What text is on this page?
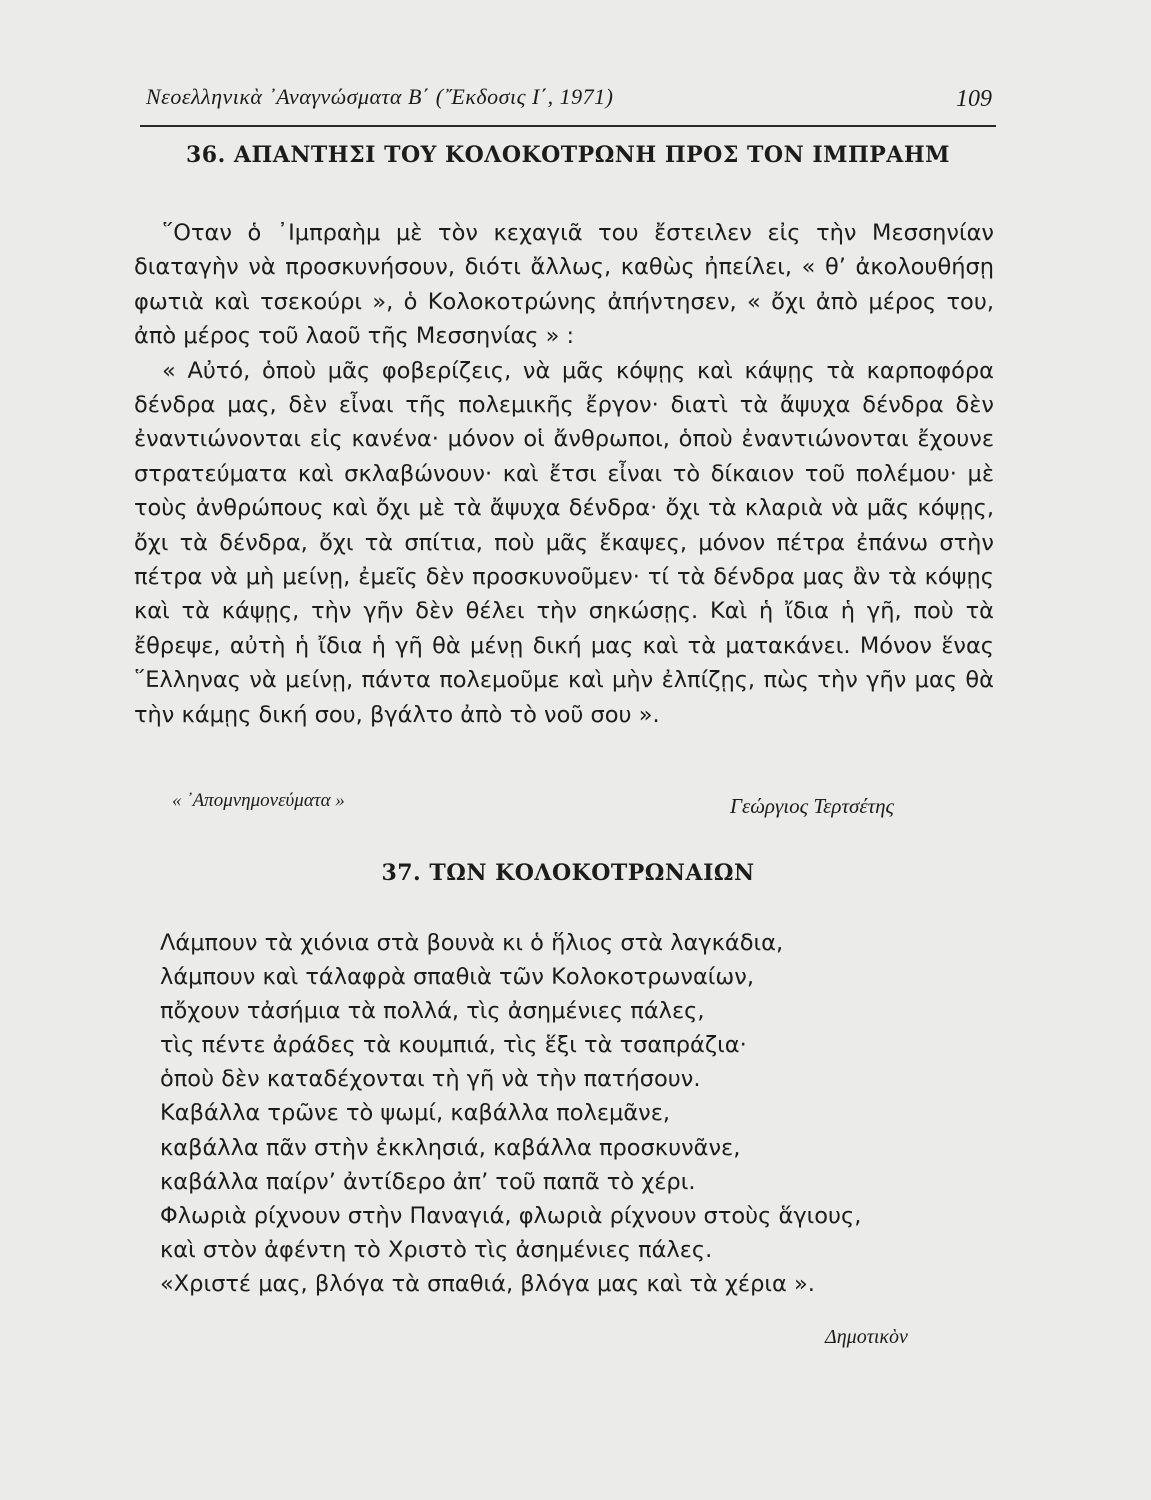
Νεοελληνικὰ ᾿Αναγνώσματα Β΄ (῎Εκδοσις Ι΄, 1971)	109
36. ΑΠΑΝΤΗΣΙ ΤΟΥ ΚΟΛΟΚΟΤΡΩΝΗ ΠΡΟΣ ΤΟΝ ΙΜΠΡΑΗΜ

῞Οταν ὁ ᾿Ιμπραὴμ μὲ τὸν κεχαγιᾶ του ἔστειλεν εἰς τὴν Μεσσηνίαν διαταγὴν νὰ προσκυνήσουν, διότι ἄλλως, καθὼς ἠπείλει, « θ’ ἀκολουθήσῃ φωτιὰ καὶ τσεκούρι », ὁ Κολοκοτρώνης ἀπήντησεν, « ὄχι ἀπὸ μέρος του, ἀπὸ μέρος τοῦ λαοῦ τῆς Μεσσηνίας » :

« Αὐτό, ὁποὺ μᾶς φοβερίζεις, νὰ μᾶς κόψῃς καὶ κάψῃς τὰ καρποφόρα δένδρα μας, δὲν εἶναι τῆς πολεμικῆς ἔργον· διατὶ τὰ ἄψυχα δένδρα δὲν ἐναντιώνονται εἰς κανένα· μόνον οἱ ἄνθρωποι, ὁποὺ ἐναντιώνονται ἔχουνε στρατεύματα καὶ σκλαβώνουν· καὶ ἔτσι εἶναι τὸ δίκαιον τοῦ πολέμου· μὲ τοὺς ἀνθρώπους καὶ ὄχι μὲ τὰ ἄψυχα δένδρα· ὄχι τὰ κλαριὰ νὰ μᾶς κόψῃς, ὄχι τὰ δένδρα, ὄχι τὰ σπίτια, ποὺ μᾶς ἔκαψες, μόνον πέτρα ἐπάνω στὴν πέτρα νὰ μὴ μείνῃ, ἐμεῖς δὲν προσκυνοῦμεν· τί τὰ δένδρα μας ἂν τὰ κόψῃς καὶ τὰ κάψῃς, τὴν γῆν δὲν θέλει τὴν σηκώσῃς. Καὶ ἡ ἴδια ἡ γῆ, ποὺ τὰ ἔθρεψε, αὐτὴ ἡ ἴδια ἡ γῆ θὰ μένῃ δική μας καὶ τὰ ματακάνει. Μόνον ἕνας ῞Ελληνας νὰ μείνῃ, πάντα πολεμοῦμε καὶ μὴν ἐλπίζῃς, πὼς τὴν γῆν μας θὰ τὴν κάμῃς δική σου, βγάλτο ἀπὸ τὸ νοῦ σου ».

« ᾿Απομνημονεύματα »	Γεώργιος Τερτσέτης
37. ΤΩΝ ΚΟΛΟΚΟΤΡΩΝΑΙΩΝ
Λάμπουν τὰ χιόνια στὰ βουνὰ κι ὁ ἥλιος στὰ λαγκάδια,
λάμπουν καὶ τάλαφρὰ σπαθιὰ τῶν Κολοκοτρωναίων,
πὄχουν τἀσήμια τὰ πολλά, τὶς ἀσημένιες πάλες,
τὶς πέντε ἀράδες τὰ κουμπιά, τὶς ἕξι τὰ τσαπράζια·
ὁποὺ δὲν καταδέχονται τὴ γῆ νὰ τὴν πατήσουν.
Καβάλλα τρῶνε τὸ ψωμί, καβάλλα πολεμᾶνε,
καβάλλα πᾶν στὴν ἐκκλησιά, καβάλλα προσκυνᾶνε,
καβάλλα παίρν’ ἀντίδερο ἀπ’ τοῦ παπᾶ τὸ χέρι.
Φλωριὰ ρίχνουν στὴν Παναγιά, φλωριὰ ρίχνουν στοὺς ἅγιους,
καὶ στὸν ἀφέντη τὸ Χριστὸ τὶς ἀσημένιες πάλες.
«Χριστέ μας, βλόγα τὰ σπαθιά, βλόγα μας καὶ τὰ χέρια ».
Δημοτικὸν
